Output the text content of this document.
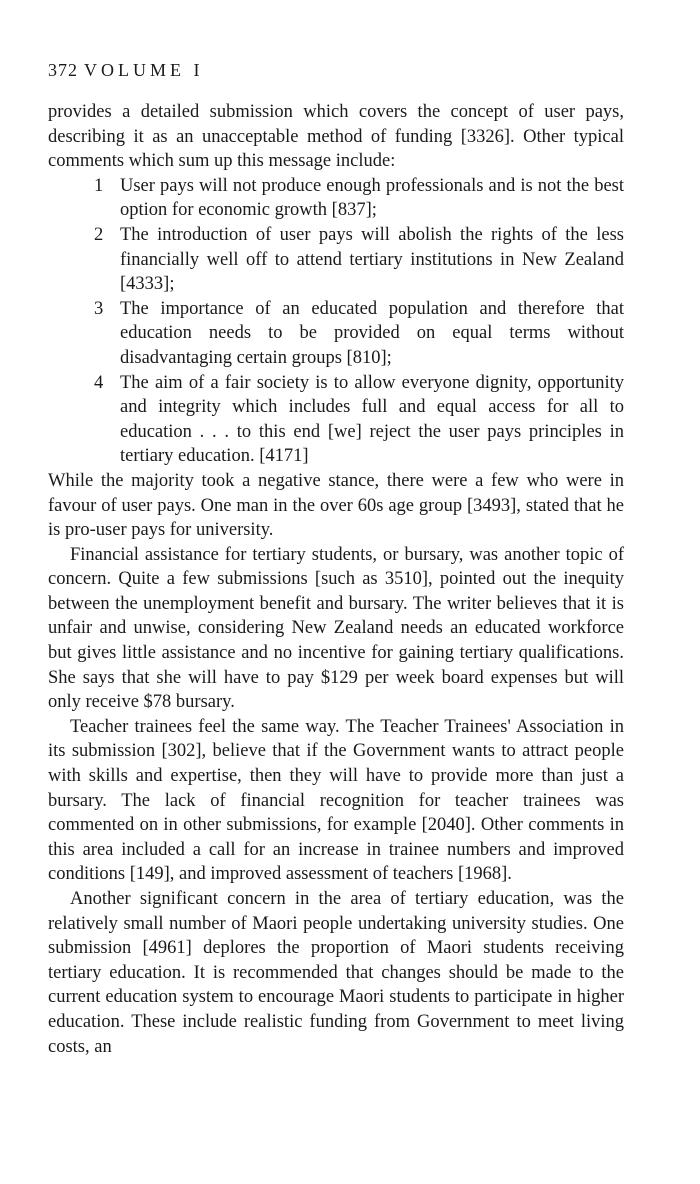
372 VOLUME I

provides a detailed submission which covers the concept of user pays, describing it as an unacceptable method of funding [3326]. Other typical comments which sum up this message include:

1 User pays will not produce enough professionals and is not the best option for economic growth [837];
2 The introduction of user pays will abolish the rights of the less financially well off to attend tertiary institutions in New Zealand [4333];
3 The importance of an educated population and therefore that education needs to be provided on equal terms without disadvantaging certain groups [810];
4 The aim of a fair society is to allow everyone dignity, opportunity and integrity which includes full and equal access for all to education . . . to this end [we] reject the user pays principles in tertiary education. [4171]

While the majority took a negative stance, there were a few who were in favour of user pays. One man in the over 60s age group [3493], stated that he is pro-user pays for university.

Financial assistance for tertiary students, or bursary, was another topic of concern. Quite a few submissions [such as 3510], pointed out the inequity between the unemployment benefit and bursary. The writer believes that it is unfair and unwise, considering New Zealand needs an educated workforce but gives little assistance and no incentive for gaining tertiary qualifications. She says that she will have to pay $129 per week board expenses but will only receive $78 bursary.

Teacher trainees feel the same way. The Teacher Trainees' Association in its submission [302], believe that if the Government wants to attract people with skills and expertise, then they will have to provide more than just a bursary. The lack of financial recognition for teacher trainees was commented on in other submissions, for example [2040]. Other comments in this area included a call for an increase in trainee numbers and improved conditions [149], and improved assessment of teachers [1968].

Another significant concern in the area of tertiary education, was the relatively small number of Maori people undertaking university studies. One submission [4961] deplores the proportion of Maori students receiving tertiary education. It is recommended that changes should be made to the current education system to encourage Maori students to participate in higher education. These include realistic funding from Government to meet living costs, an
